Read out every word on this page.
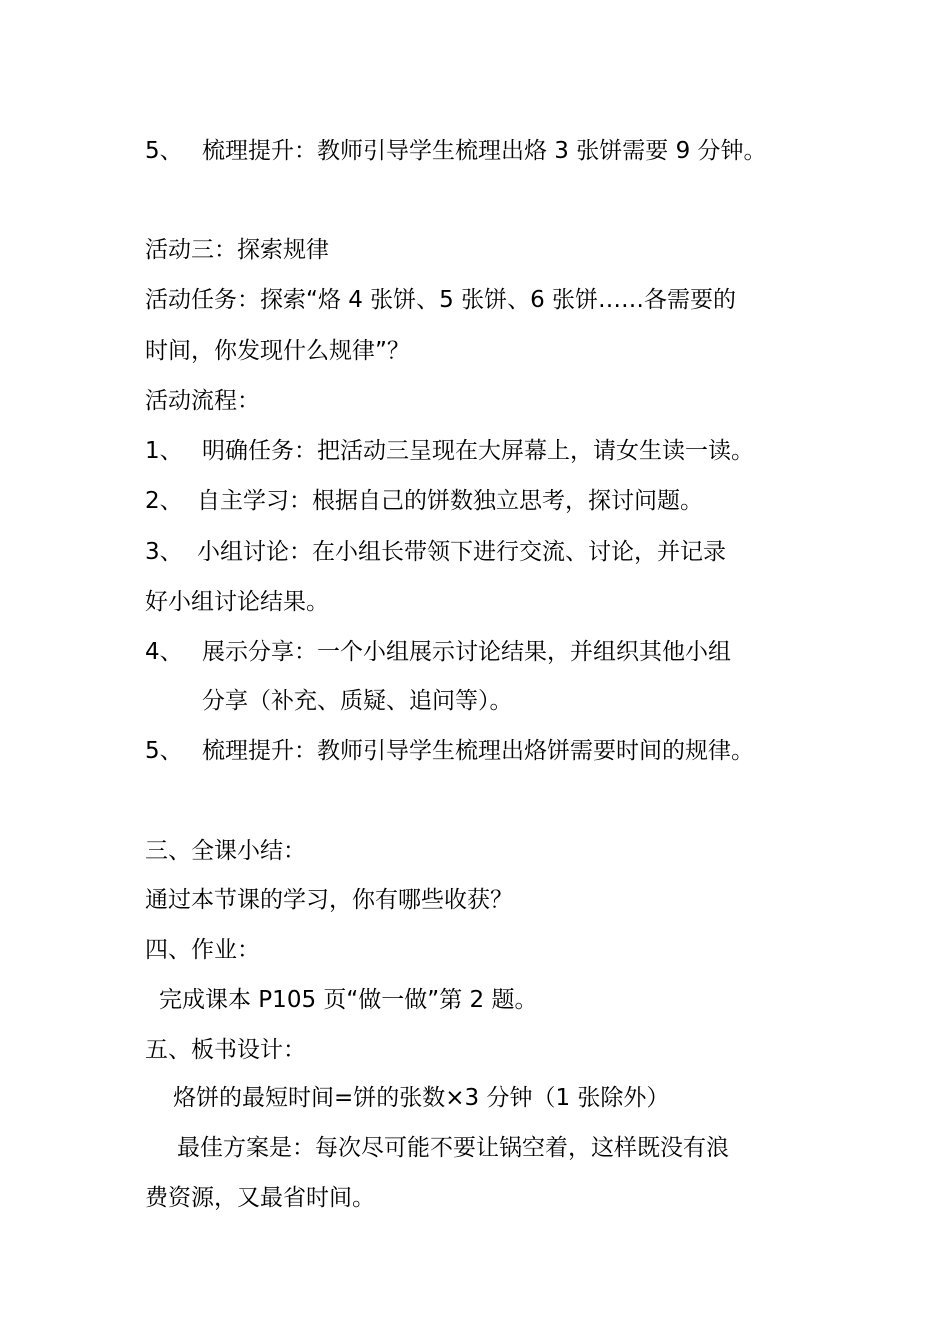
5、 梳理提升：教师引导学生梳理出烙 3 张饼需要 9 分钟。
活动三：探索规律
活动任务：探索“烙 4 张饼、5 张饼、6 张饼……各需要的
时间，你发现什么规律”？
活动流程：
1、 明确任务：把活动三呈现在大屏幕上，请女生读一读。
2、 自主学习：根据自己的饼数独立思考，探讨问题。
3、 小组讨论：在小组长带领下进行交流、讨论，并记录
好小组讨论结果。
4、 展示分享：一个小组展示讨论结果，并组织其他小组
分享（补充、质疑、追问等）。
5、 梳理提升：教师引导学生梳理出烙饼需要时间的规律。
三、全课小结：
通过本节课的学习，你有哪些收获？
四、作业：
完成课本 P105 页“做一做”第 2 题。
五、板书设计：
烙饼的最短时间=饼的张数×3 分钟（1 张除外）
最佳方案是：每次尽可能不要让锅空着，这样既没有浪
费资源，又最省时间。
